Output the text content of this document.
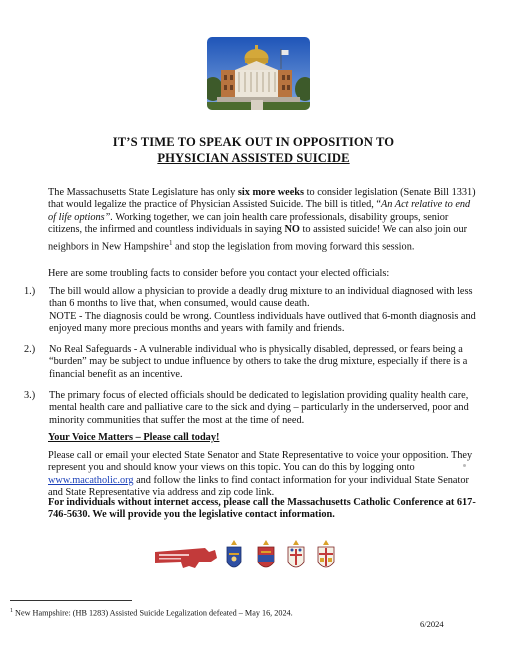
IT’S TIME TO SPEAK OUT IN OPPOSITION TO
PHYSICIAN ASSISTED SUICIDE
The Massachusetts State Legislature has only six more weeks to consider legislation (Senate Bill 1331) that would legalize the practice of Physician Assisted Suicide. The bill is titled, “An Act relative to end of life options”. Working together, we can join health care professionals, disability groups, senior citizens, the infirmed and countless individuals in saying NO to assisted suicide! We can also join our neighbors in New Hampshire$^1$ and stop the legislation from moving forward this session.
Here are some troubling facts to consider before you contact your elected officials:
1.)	The bill would allow a physician to provide a deadly drug mixture to an individual diagnosed with less than 6 months to live that, when consumed, would cause death.
NOTE - The diagnosis could be wrong. Countless individuals have outlived that 6-month diagnosis and enjoyed many more precious months and years with family and friends.
2.)	No Real Safeguards - A vulnerable individual who is physically disabled, depressed, or fears being a “burden” may be subject to undue influence by others to take the drug mixture, especially if there is a financial benefit as an incentive.
3.)	The primary focus of elected officials should be dedicated to legislation providing quality health care, mental health care and palliative care to the sick and dying – particularly in the underserved, poor and minority communities that suffer the most at the time of need.
Your Voice Matters – Please call today!
Please call or email your elected State Senator and State Representative to voice your opposition. They represent you and should know your views on this topic. You can do this by logging onto www.macatholic.org and follow the links to find contact information for your individual State Senator and State Representative via address and zip code link.
For individuals without internet access, please call the Massachusetts Catholic Conference at 617-746-5630. We will provide you the legislative contact information.
$^1$ New Hampshire: (HB 1283) Assisted Suicide Legalization defeated – May 16, 2024.
6/2024
